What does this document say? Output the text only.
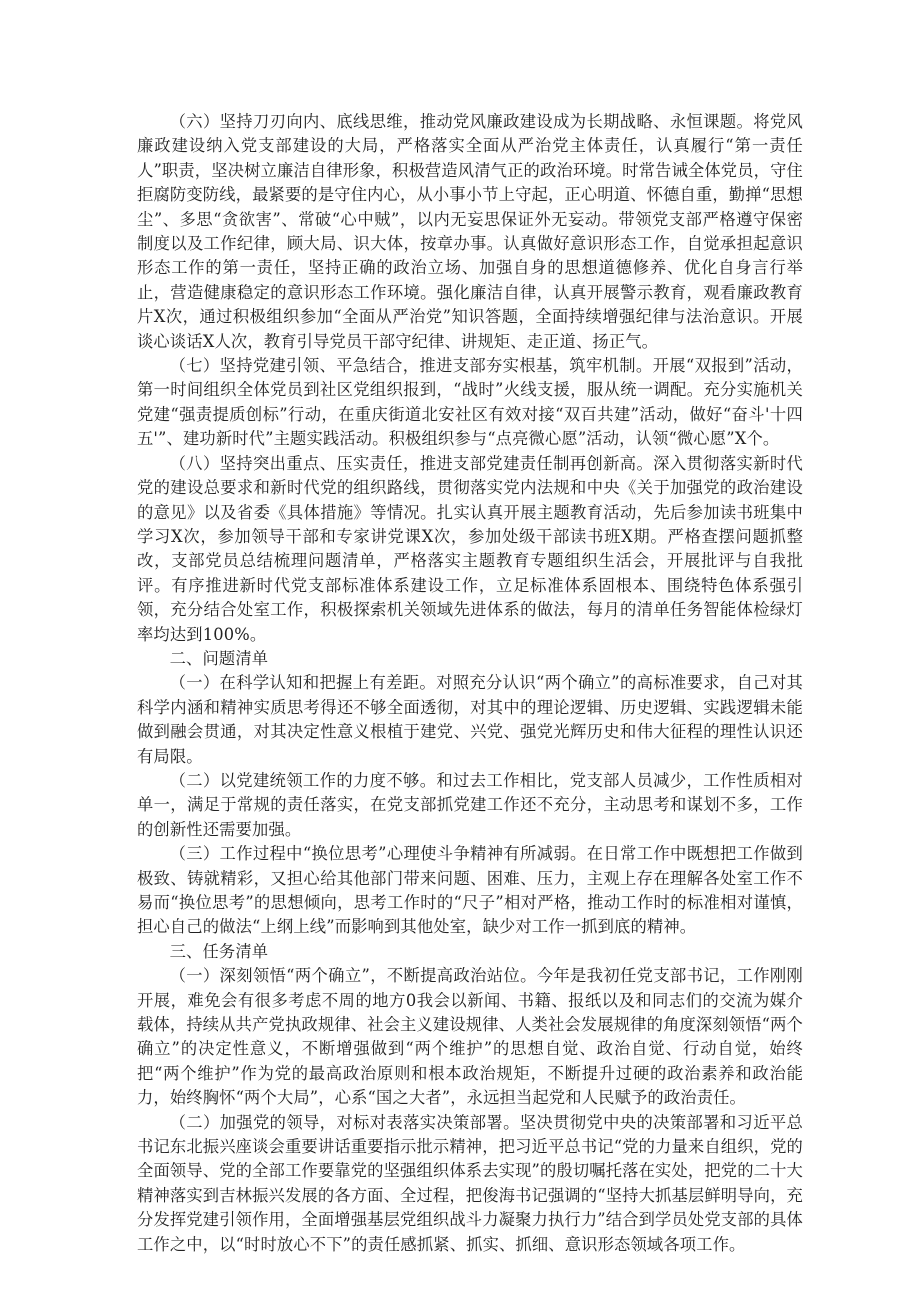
（六）坚持刀刃向内、底线思维，推动党风廉政建设成为长期战略、永恒课题。将党风廉政建设纳入党支部建设的大局，严格落实全面从严治党主体责任，认真履行“第一责任人”职责，坚决树立廉洁自律形象，积极营造风清气正的政治环境。时常告诫全体党员，守住拒腐防变防线，最紧要的是守住内心，从小事小节上守起，正心明道、怀德自重，勤掸“思想尘”、多思“贪欲害”、常破“心中贼”，以内无妄思保证外无妄动。带领党支部严格遵守保密制度以及工作纪律，顾大局、识大体，按章办事。认真做好意识形态工作，自觉承担起意识形态工作的第一责任，坚持正确的政治立场、加强自身的思想道德修养、优化自身言行举止，营造健康稳定的意识形态工作环境。强化廉洁自律，认真开展警示教育，观看廉政教育片X次，通过积极组织参加“全面从严治党”知识答题，全面持续增强纪律与法治意识。开展谈心谈话X人次，教育引导党员干部守纪律、讲规矩、走正道、扬正气。

（七）坚持党建引领、平急结合，推进支部夯实根基，筑牢机制。开展“双报到”活动，第一时间组织全体党员到社区党组织报到，“战时”火线支援，服从统一调配。充分实施机关党建“强责提质创标”行动，在重庆街道北安社区有效对接“双百共建”活动，做好“奋斗'十四五'”、建功新时代”主题实践活动。积极组织参与“点亮微心愿”活动，认领“微心愿”X个。

（八）坚持突出重点、压实责任，推进支部党建责任制再创新高。深入贯彻落实新时代党的建设总要求和新时代党的组织路线，贯彻落实党内法规和中央《关于加强党的政治建设的意见》以及省委《具体措施》等情况。扎实认真开展主题教育活动，先后参加读书班集中学习X次，参加领导干部和专家讲党课X次，参加处级干部读书班X期。严格查摆问题抓整改，支部党员总结梳理问题清单，严格落实主题教育专题组织生活会，开展批评与自我批评。有序推进新时代党支部标准体系建设工作，立足标准体系固根本、围绕特色体系强引领，充分结合处室工作，积极探索机关领域先进体系的做法，每月的清单任务智能体检绿灯率均达到100%。

二、问题清单

（一）在科学认知和把握上有差距。对照充分认识“两个确立”的高标准要求，自己对其科学内涵和精神实质思考得还不够全面透彻，对其中的理论逻辑、历史逻辑、实践逻辑未能做到融会贯通，对其决定性意义根植于建党、兴党、强党光辉历史和伟大征程的理性认识还有局限。

（二）以党建统领工作的力度不够。和过去工作相比，党支部人员减少，工作性质相对单一，满足于常规的责任落实，在党支部抓党建工作还不充分，主动思考和谋划不多，工作的创新性还需要加强。

（三）工作过程中“换位思考”心理使斗争精神有所减弱。在日常工作中既想把工作做到极致、铸就精彩，又担心给其他部门带来问题、困难、压力，主观上存在理解各处室工作不易而“换位思考”的思想倾向，思考工作时的“尺子”相对严格，推动工作时的标准相对谨慎，担心自己的做法“上纲上线”而影响到其他处室，缺少对工作一抓到底的精神。

三、任务清单

（一）深刻领悟“两个确立”，不断提高政治站位。今年是我初任党支部书记，工作刚刚开展，难免会有很多考虑不周的地方0我会以新闻、书籍、报纸以及和同志们的交流为媒介载体，持续从共产党执政规律、社会主义建设规律、人类社会发展规律的角度深刻领悟“两个确立”的决定性意义，不断增强做到“两个维护”的思想自觉、政治自觉、行动自觉，始终把“两个维护”作为党的最高政治原则和根本政治规矩，不断提升过硬的政治素养和政治能力，始终胸怀“两个大局”，心系“国之大者”，永远担当起党和人民赋予的政治责任。

（二）加强党的领导，对标对表落实决策部署。坚决贯彻党中央的决策部署和习近平总书记东北振兴座谈会重要讲话重要指示批示精神，把习近平总书记“党的力量来自组织，党的全面领导、党的全部工作要靠党的坚强组织体系去实现”的殷切嘱托落在实处，把党的二十大精神落实到吉林振兴发展的各方面、全过程，把俊海书记强调的“坚持大抓基层鲜明导向，充分发挥党建引领作用，全面增强基层党组织战斗力凝聚力执行力”结合到学员处党支部的具体工作之中，以“时时放心不下”的责任感抓紧、抓实、抓细、意识形态领域各项工作。
